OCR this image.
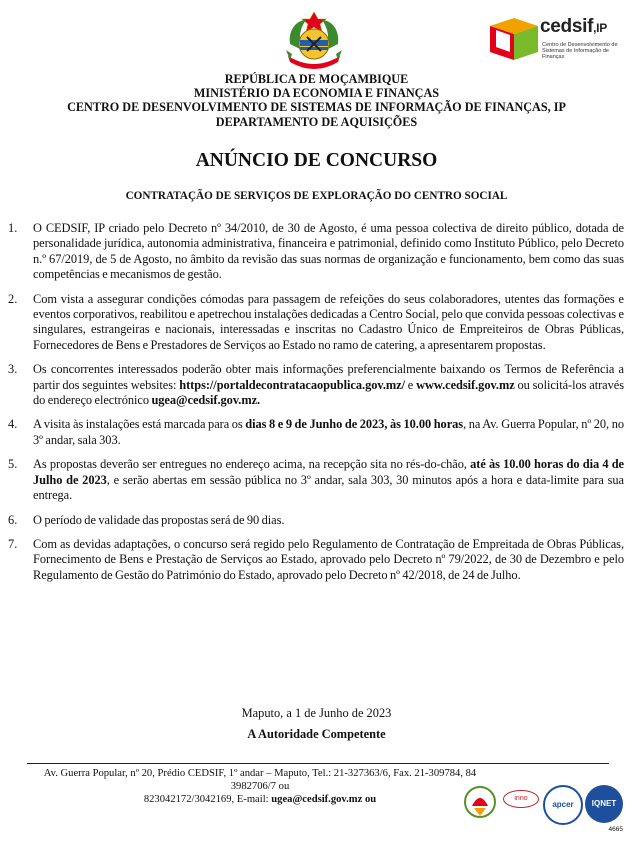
cedsif,IP
Centro de Desenvolvimento de Sistemas de Informação de Finanças
REPÚBLICA DE MOÇAMBIQUE
MINISTÉRIO DA ECONOMIA E FINANÇAS
CENTRO DE DESENVOLVIMENTO DE SISTEMAS DE INFORMAÇÃO DE FINANÇAS, IP
DEPARTAMENTO DE AQUISIÇÕES
ANÚNCIO DE CONCURSO
CONTRATAÇÃO DE SERVIÇOS DE EXPLORAÇÃO DO CENTRO SOCIAL
1.	O CEDSIF, IP criado pelo Decreto nº 34/2010, de 30 de Agosto, é uma pessoa colectiva de direito público, dotada de personalidade jurídica, autonomia administrativa, financeira e patrimonial, definido como Instituto Público, pelo Decreto n.º 67/2019, de 5 de Agosto, no âmbito da revisão das suas normas de organização e funcionamento, bem como das suas competências e mecanismos de gestão.
2.	Com vista a assegurar condições cómodas para passagem de refeições do seus colaboradores, utentes das formações e eventos corporativos, reabilitou e apetrechou instalações dedicadas a Centro Social, pelo que convida pessoas colectivas e singulares, estrangeiras e nacionais, interessadas e inscritas no Cadastro Único de Empreiteiros de Obras Públicas, Fornecedores de Bens e Prestadores de Serviços ao Estado no ramo de catering, a apresentarem propostas.
3.	Os concorrentes interessados poderão obter mais informações preferencialmente baixando os Termos de Referência a partir dos seguintes websites: https://portaldecontratacaopublica.gov.mz/ e www.cedsif.gov.mz ou solicitá-los através do endereço electrónico ugea@cedsif.gov.mz.
4.	A visita às instalações está marcada para os dias 8 e 9 de Junho de 2023, às 10.00 horas, na Av. Guerra Popular, nº 20, no 3º andar, sala 303.
5.	As propostas deverão ser entregues no endereço acima, na recepção sita no rés-do-chão, até às 10.00 horas do dia 4 de Julho de 2023, e serão abertas em sessão pública no 3º andar, sala 303, 30 minutos após a hora e data-limite para sua entrega.
6.	O período de validade das propostas será de 90 dias.
7.	Com as devidas adaptações, o concurso será regido pelo Regulamento de Contratação de Empreitada de Obras Públicas, Fornecimento de Bens e Prestação de Serviços ao Estado, aprovado pelo Decreto nº 79/2022, de 30 de Dezembro e pelo Regulamento de Gestão do Património do Estado, aprovado pelo Decreto nº 42/2018, de 24 de Julho.
Maputo, a 1 de Junho de 2023
A Autoridade Competente
Av. Guerra Popular, nº 20, Prédio CEDSIF, 1º andar – Maputo, Tel.: 21-327363/6, Fax. 21-309784, 84 3982706/7 ou
823042172/3042169, E-mail: ugea@cedsif.gov.mz ou	inno
apcer	IQNET
4665
